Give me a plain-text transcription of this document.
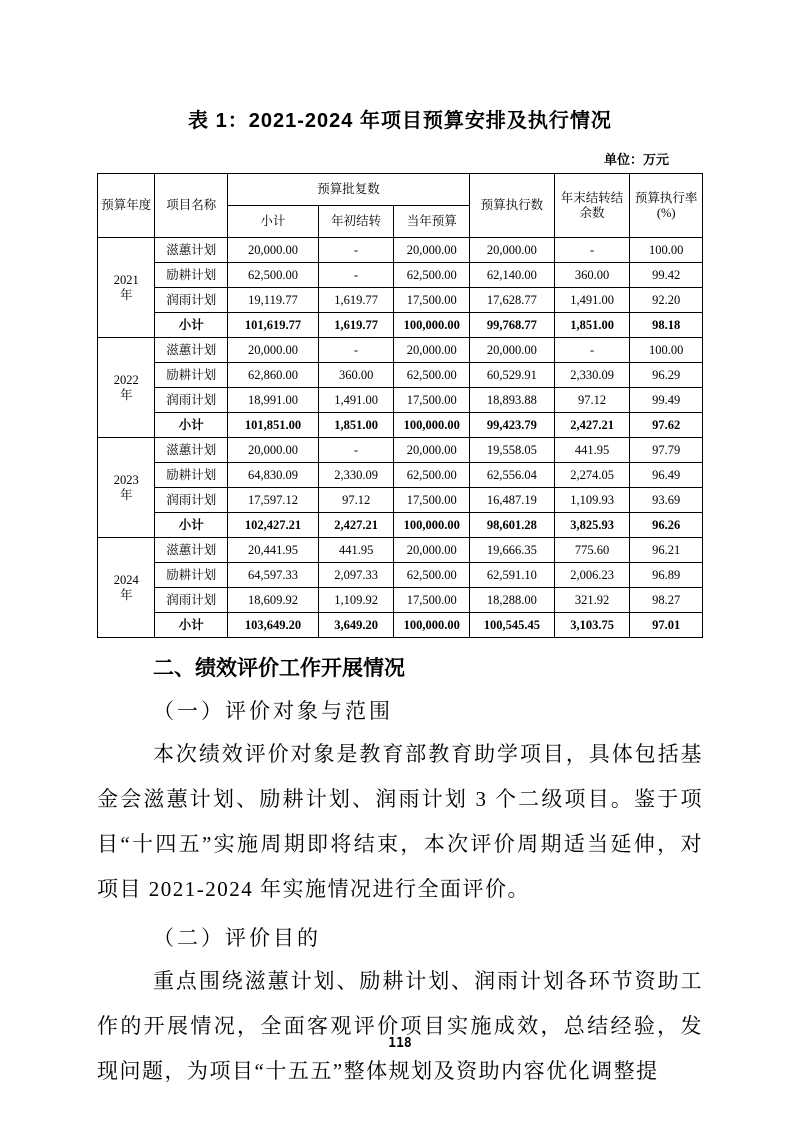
表 1：2021-2024 年项目预算安排及执行情况
单位：万元
预算年度	项目名称	预算批复数			预算执行数	年末结转结余数	预算执行率(%)
		小计	年初结转	当年预算			

2021
年	滋蕙计划	20,000.00	-	20,000.00	20,000.00	-	100.00
	励耕计划	62,500.00	-	62,500.00	62,140.00	360.00	99.42
	润雨计划	19,119.77	1,619.77	17,500.00	17,628.77	1,491.00	92.20
	小计	101,619.77	1,619.77	100,000.00	99,768.77	1,851.00	98.18

2022
年	滋蕙计划	20,000.00	-	20,000.00	20,000.00	-	100.00
	励耕计划	62,860.00	360.00	62,500.00	60,529.91	2,330.09	96.29
	润雨计划	18,991.00	1,491.00	17,500.00	18,893.88	97.12	99.49
	小计	101,851.00	1,851.00	100,000.00	99,423.79	2,427.21	97.62

2023
年	滋蕙计划	20,000.00	-	20,000.00	19,558.05	441.95	97.79
	励耕计划	64,830.09	2,330.09	62,500.00	62,556.04	2,274.05	96.49
	润雨计划	17,597.12	97.12	17,500.00	16,487.19	1,109.93	93.69
	小计	102,427.21	2,427.21	100,000.00	98,601.28	3,825.93	96.26

2024
年	滋蕙计划	20,441.95	441.95	20,000.00	19,666.35	775.60	96.21
	励耕计划	64,597.33	2,097.33	62,500.00	62,591.10	2,006.23	96.89
	润雨计划	18,609.92	1,109.92	17,500.00	18,288.00	321.92	98.27
	小计	103,649.20	3,649.20	100,000.00	100,545.45	3,103.75	97.01
二、绩效评价工作开展情况
（一）评价对象与范围

本次绩效评价对象是教育部教育助学项目，具体包括基金会滋蕙计划、励耕计划、润雨计划 3 个二级项目。鉴于项目“十四五”实施周期即将结束，本次评价周期适当延伸，对项目 2021-2024 年实施情况进行全面评价。

（二）评价目的

重点围绕滋蕙计划、励耕计划、润雨计划各环节资助工作的开展情况，全面客观评价项目实施成效，总结经验，发现问题，为项目“十五五”整体规划及资助内容优化调整提

118
